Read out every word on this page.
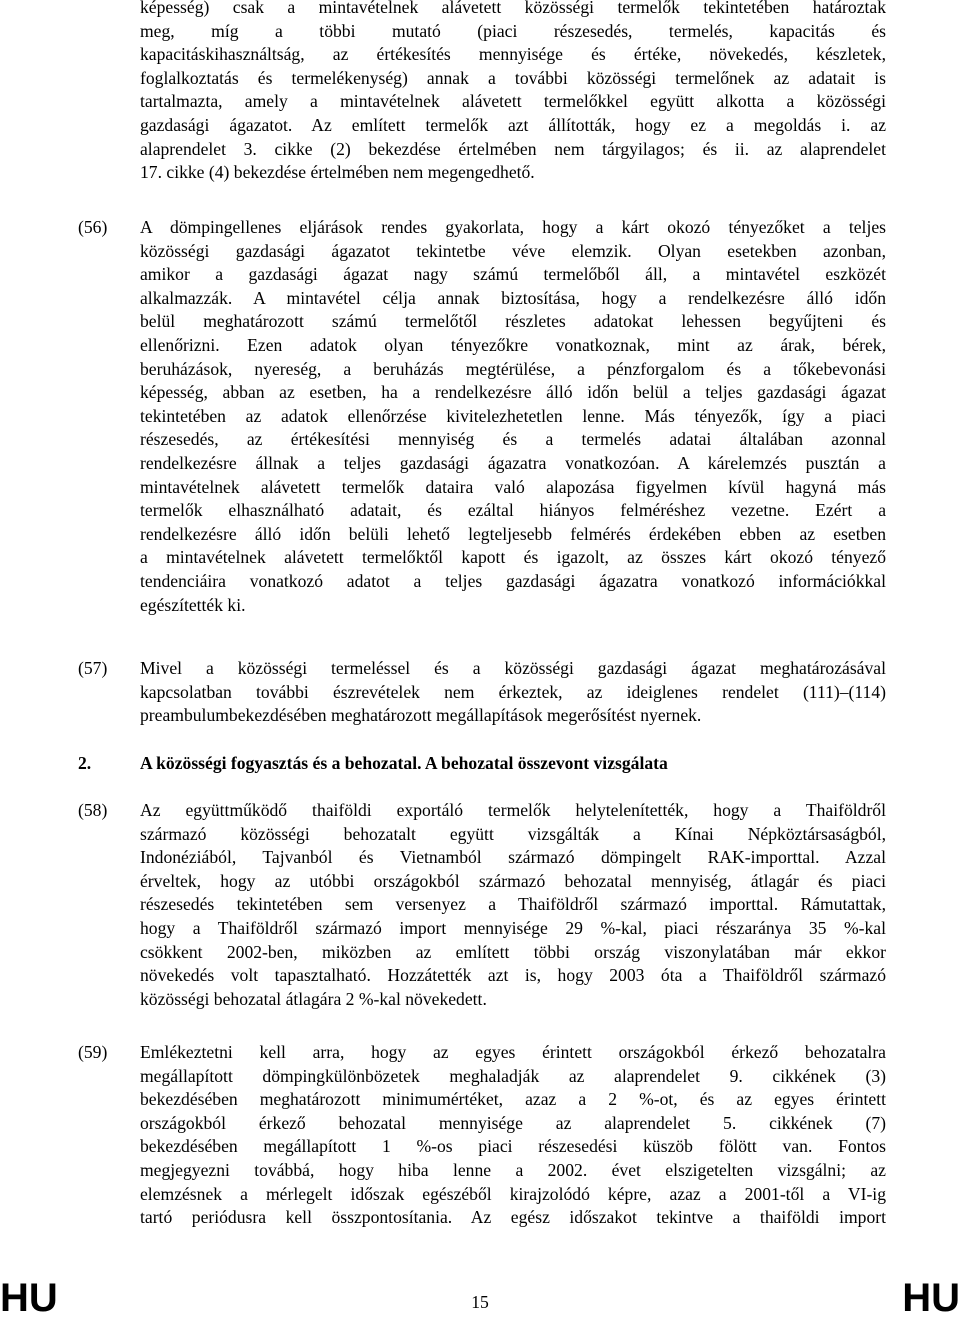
képesség) csak a mintavételnek alávetett közösségi termelők tekintetében határoztak
meg, míg a többi mutató (piaci részesedés, termelés, kapacitás és
kapacitáskihasználtság, az értékesítés mennyisége és értéke, növekedés, készletek,
foglalkoztatás és termelékenység) annak a további közösségi termelőnek az adatait is
tartalmazta, amely a mintavételnek alávetett termelőkkel együtt alkotta a közösségi
gazdasági ágazatot. Az említett termelők azt állították, hogy ez a megoldás i. az
alaprendelet 3. cikke (2) bekezdése értelmében nem tárgyilagos; és ii. az alaprendelet
17. cikke (4) bekezdése értelmében nem megengedhető.
(56)	A dömpingellenes eljárások rendes gyakorlata, hogy a kárt okozó tényezőket a teljes
közösségi gazdasági ágazatot tekintetbe véve elemzik. Olyan esetekben azonban,
amikor a gazdasági ágazat nagy számú termelőből áll, a mintavétel eszközét
alkalmazzák. A mintavétel célja annak biztosítása, hogy a rendelkezésre álló időn
belül meghatározott számú termelőtől részletes adatokat lehessen begyűjteni és
ellenőrizni. Ezen adatok olyan tényezőkre vonatkoznak, mint az árak, bérek,
beruházások, nyereség, a beruházás megtérülése, a pénzforgalom és a tőkebevonási
képesség, abban az esetben, ha a rendelkezésre álló időn belül a teljes gazdasági ágazat
tekintetében az adatok ellenőrzése kivitelezhetetlen lenne. Más tényezők, így a piaci
részesedés, az értékesítési mennyiség és a termelés adatai általában azonnal
rendelkezésre állnak a teljes gazdasági ágazatra vonatkozóan. A kárelemzés pusztán a
mintavételnek alávetett termelők dataira való alapozása figyelmen kívül hagyná más
termelők elhasználható adatait, és ezáltal hiányos felméréshez vezetne. Ezért a
rendelkezésre álló időn belüli lehető legteljesebb felmérés érdekében ebben az esetben
a mintavételnek alávetett termelőktől kapott és igazolt, az összes kárt okozó tényező
tendenciáira vonatkozó adatot a teljes gazdasági ágazatra vonatkozó információkkal
egészítették ki.
(57)	Mivel a közösségi termeléssel és a közösségi gazdasági ágazat meghatározásával
kapcsolatban további észrevételek nem érkeztek, az ideiglenes rendelet (111)–(114)
preambulumbekezdésében meghatározott megállapítások megerősítést nyernek.
2.	A közösségi fogyasztás és a behozatal. A behozatal összevont vizsgálata
(58)	Az együttműködő thaiföldi exportáló termelők helytelenítették, hogy a Thaiföldről
származó közösségi behozatalt együtt vizsgálták a Kínai Népköztársaságból,
Indonéziából, Tajvanból és Vietnamból származó dömpingelt RAK-importtal. Azzal
érveltek, hogy az utóbbi országokból származó behozatal mennyiség, átlagár és piaci
részesedés tekintetében sem versenyez a Thaiföldről származó importtal. Rámutattak,
hogy a Thaiföldről származó import mennyisége 29 %-kal, piaci részaránya 35 %-kal
csökkent 2002-ben, miközben az említett többi ország viszonylatában már ekkor
növekedés volt tapasztalható. Hozzátették azt is, hogy 2003 óta a Thaiföldről származó
közösségi behozatal átlagára 2 %-kal növekedett.
(59)	Emlékeztetni kell arra, hogy az egyes érintett országokból érkező behozatalra
megállapított dömpingkülönbözetek meghaladják az alaprendelet 9. cikkének (3)
bekezdésében meghatározott minimumértéket, azaz a 2 %-ot, és az egyes érintett
országokból érkező behozatal mennyisége az alaprendelet 5. cikkének (7)
bekezdésében megállapított 1 %-os piaci részesedési küszöb fölött van. Fontos
megjegyezni továbbá, hogy hiba lenne a 2002. évet elszigetelten vizsgálni; az
elemzésnek a mérlegelt időszak egészéből kirajzolódó képre, azaz a 2001-től a VI-ig
tartó periódusra kell összpontosítania. Az egész időszakot tekintve a thaiföldi import
HU	15	HU
